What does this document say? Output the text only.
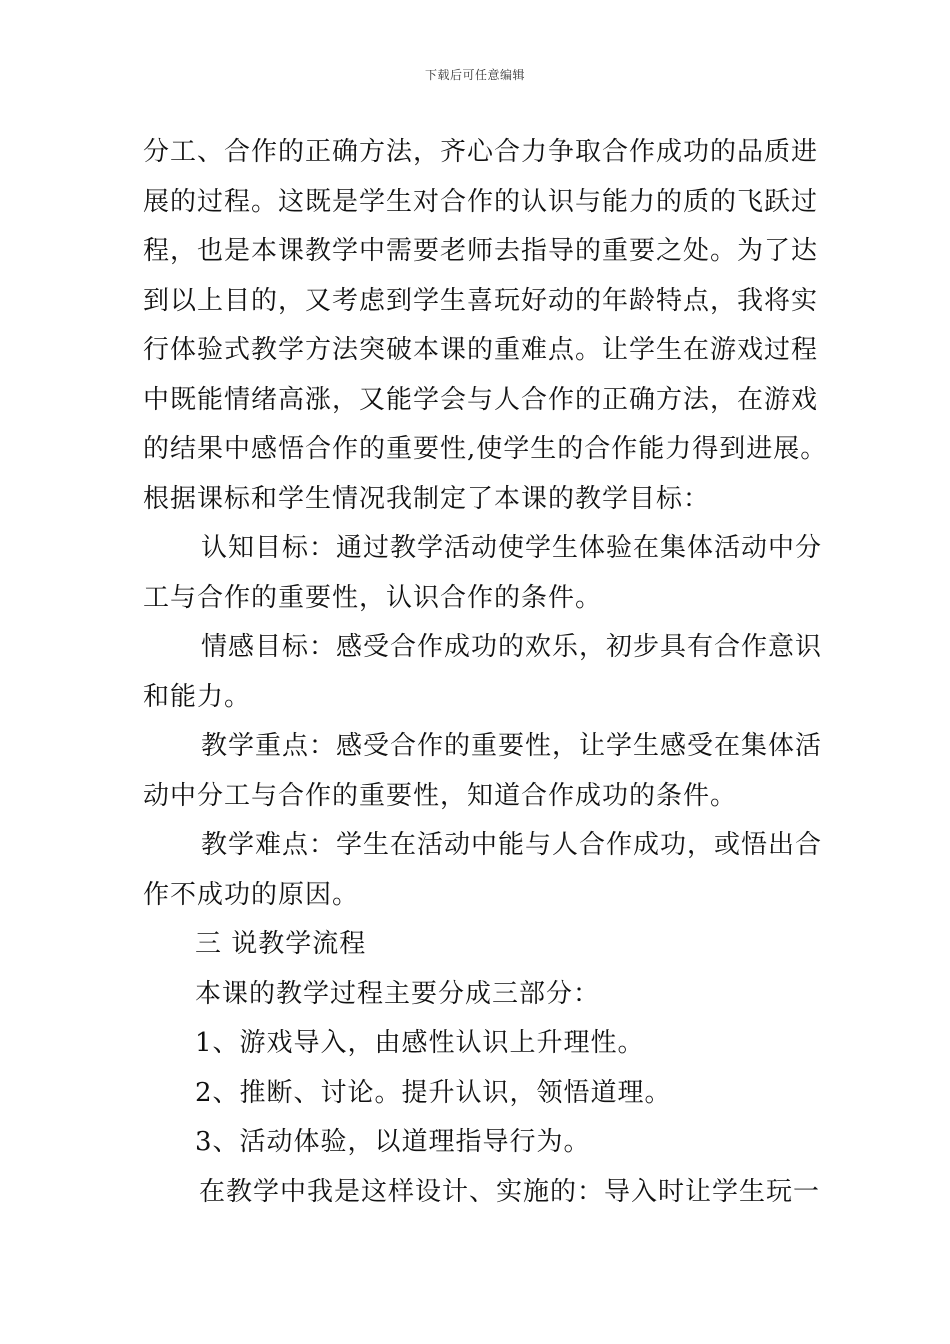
下载后可任意编辑
分工、合作的正确方法，齐心合力争取合作成功的品质进
展的过程。这既是学生对合作的认识与能力的质的飞跃过
程，也是本课教学中需要老师去指导的重要之处。为了达
到以上目的，又考虑到学生喜玩好动的年龄特点，我将实
行体验式教学方法突破本课的重难点。让学生在游戏过程
中既能情绪高涨，又能学会与人合作的正确方法，在游戏
的结果中感悟合作的重要性,使学生的合作能力得到进展。
根据课标和学生情况我制定了本课的教学目标：
认知目标：通过教学活动使学生体验在集体活动中分
工与合作的重要性，认识合作的条件。
情感目标：感受合作成功的欢乐，初步具有合作意识
和能力。
教学重点：感受合作的重要性，让学生感受在集体活
动中分工与合作的重要性，知道合作成功的条件。
教学难点：学生在活动中能与人合作成功，或悟出合
作不成功的原因。
三 说教学流程
本课的教学过程主要分成三部分：
1、游戏导入，由感性认识上升理性。
2、推断、讨论。提升认识，领悟道理。
3、活动体验，以道理指导行为。
在教学中我是这样设计、实施的：导入时让学生玩一
